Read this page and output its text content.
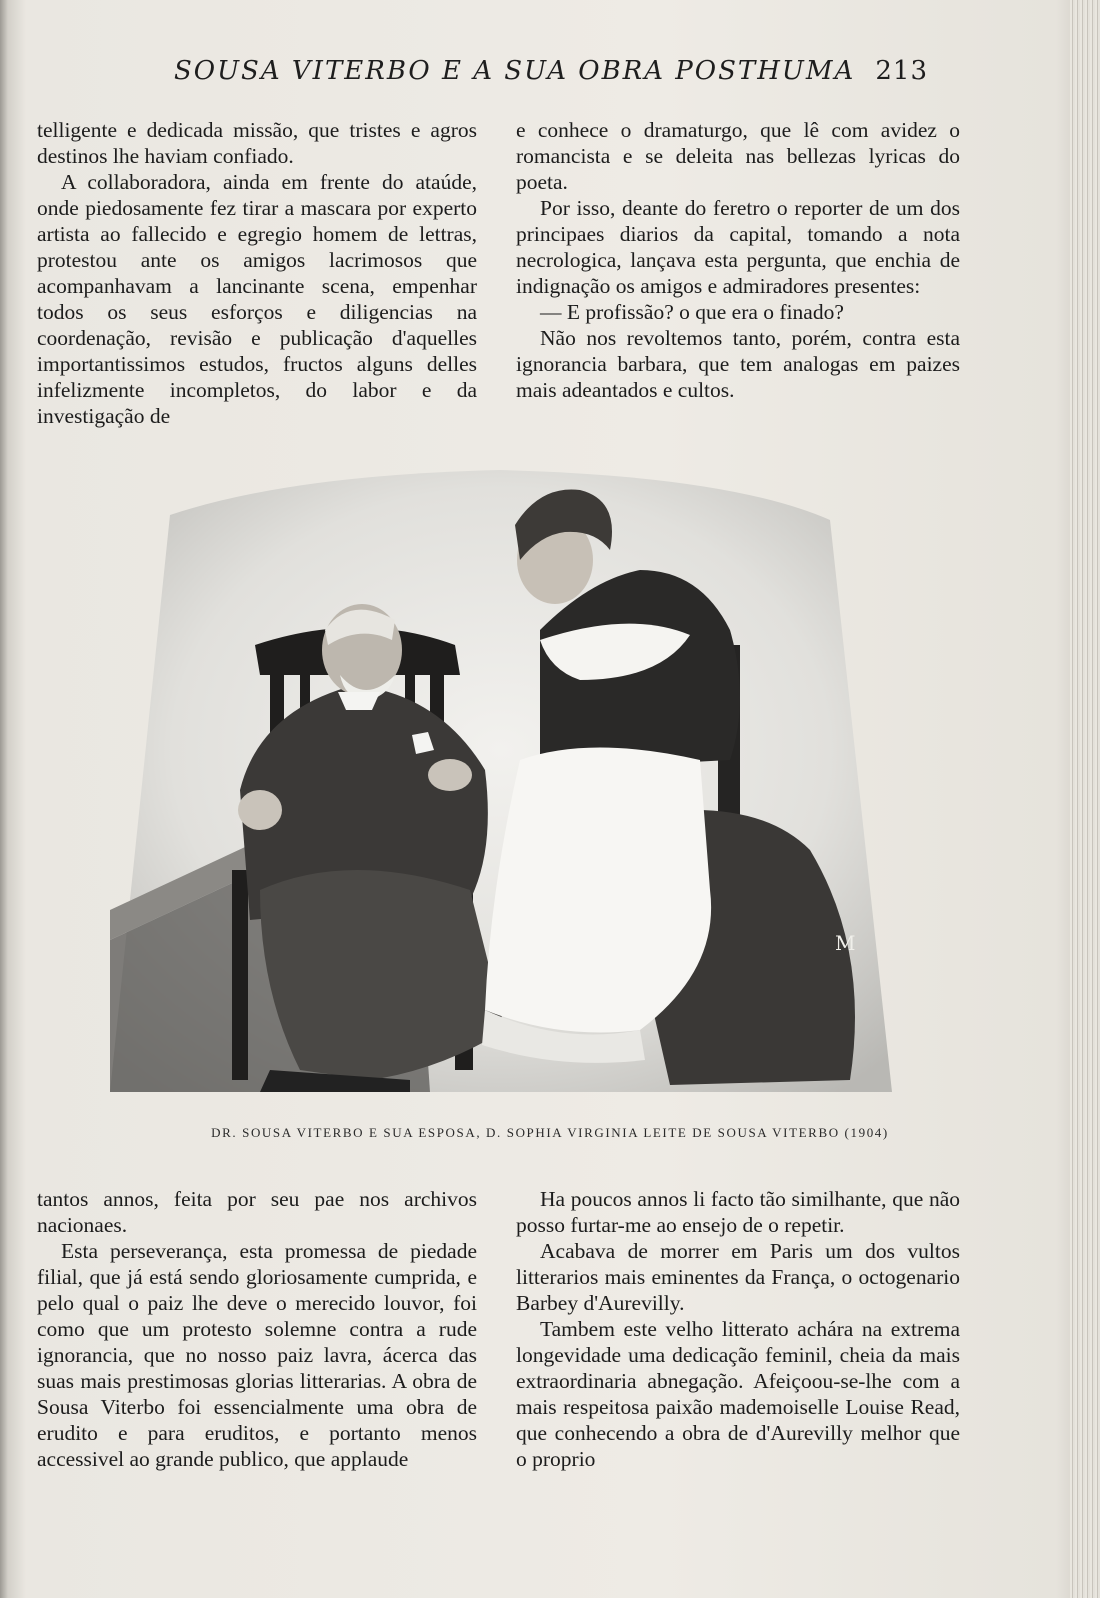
SOUSA VITERBO E A SUA OBRA POSTHUMA 213

telligente e dedicada missão, que tristes e agros destinos lhe haviam confiado.

A collaboradora, ainda em frente do ataúde, onde piedosamente fez tirar a mascara por experto artista ao fallecido e egregio homem de lettras, protestou ante os amigos lacrimosos que acompanhavam a lancinante scena, empenhar todos os seus esforços e diligencias na coordenação, revisão e publicação d'aquelles importantissimos estudos, fructos alguns delles infelizmente incompletos, do labor e da investigação de

e conhece o dramaturgo, que lê com avidez o romancista e se deleita nas bellezas lyricas do poeta.

Por isso, deante do feretro o reporter de um dos principaes diarios da capital, tomando a nota necrologica, lançava esta pergunta, que enchia de indignação os amigos e admiradores presentes:

— E profissão? o que era o finado?

Não nos revoltemos tanto, porém, contra esta ignorancia barbara, que tem analogas em paizes mais adeantados e cultos.

M
DR. SOUSA VITERBO E SUA ESPOSA, D. SOPHIA VIRGINIA LEITE DE SOUSA VITERBO (1904)

tantos annos, feita por seu pae nos archivos nacionaes.

Esta perseverança, esta promessa de piedade filial, que já está sendo gloriosamente cumprida, e pelo qual o paiz lhe deve o merecido louvor, foi como que um protesto solemne contra a rude ignorancia, que no nosso paiz lavra, ácerca das suas mais prestimosas glorias litterarias. A obra de Sousa Viterbo foi essencialmente uma obra de erudito e para eruditos, e portanto menos accessivel ao grande publico, que applaude

Ha poucos annos li facto tão similhante, que não posso furtar-me ao ensejo de o repetir.

Acabava de morrer em Paris um dos vultos litterarios mais eminentes da França, o octogenario Barbey d'Aurevilly.

Tambem este velho litterato achára na extrema longevidade uma dedicação feminil, cheia da mais extraordinaria abnegação. Afeiçoou-se-lhe com a mais respeitosa paixão mademoiselle Louise Read, que conhecendo a obra de d'Aurevilly melhor que o proprio
